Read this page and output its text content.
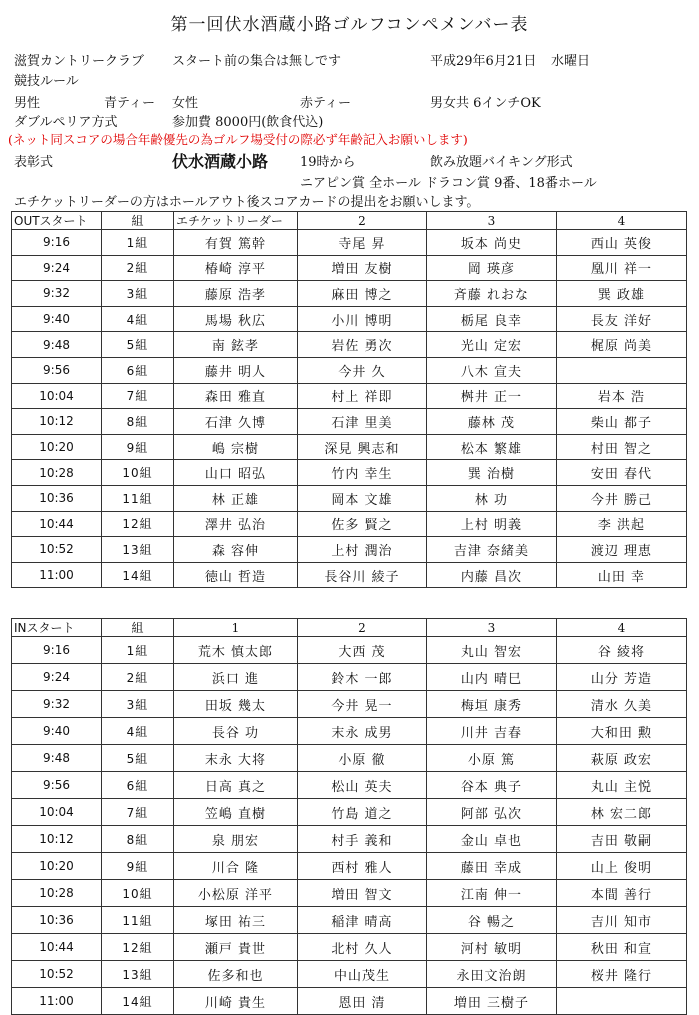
第一回伏水酒蔵小路ゴルフコンペメンバー表
滋賀カントリークラブ スタート前の集合は無しです	平成29年6月21日 水曜日
競技ルール
男性	青ティー 女性	赤ティー	男女共 6インチOK
ダブルペリア方式	参加費 8000円(飲食代込)
(ネット同スコアの場合年齢優先の為ゴルフ場受付の際必ず年齢記入お願いします)
表彰式	伏水酒蔵小路 19時から	飲み放題バイキング形式
ニアピン賞 全ホール ドラコン賞 9番、18番ホール
エチケットリーダーの方はホールアウト後スコアカードの提出をお願いします。
OUTスタート	組	エチケットリーダー	2	3	4
9:16	1組	有賀 篤幹	寺尾 昇	坂本 尚史	西山 英俊
9:24	2組	椿崎 淳平	増田 友樹	岡 瑛彦	凰川 祥一
9:32	3組	藤原 浩孝	麻田 博之	斉藤 れおな	巽 政雄
9:40	4組	馬場 秋広	小川 博明	栃尾 良幸	長友 洋好
9:48	5組	南 鉉孝	岩佐 勇次	光山 定宏	梶原 尚美
9:56	6組	藤井 明人	今井 久	八木 宣夫	
10:04	7組	森田 雅直	村上 祥即	桝井 正一	岩本 浩
10:12	8組	石津 久博	石津 里美	藤林 茂	柴山 都子
10:20	9組	嶋 宗樹	深見 興志和	松本 繁雄	村田 智之
10:28	10組	山口 昭弘	竹内 幸生	巽 治樹	安田 春代
10:36	11組	林 正雄	岡本 文雄	林 功	今井 勝己
10:44	12組	澤井 弘治	佐多 賢之	上村 明義	李 洪起
10:52	13組	森 容伸	上村 潤治	吉津 奈緒美	渡辺 理恵
11:00	14組	徳山 哲造	長谷川 綾子	内藤 昌次	山田 幸
INスタート	組	1	2	3	4
9:16	1組	荒木 慎太郎	大西 茂	丸山 智宏	谷 綾将
9:24	2組	浜口 進	鈴木 一郎	山内 晴巳	山分 芳造
9:32	3組	田坂 幾太	今井 晃一	梅垣 康秀	清水 久美
9:40	4組	長谷 功	末永 成男	川井 吉春	大和田 勲
9:48	5組	末永 大将	小原 徹	小原 篤	萩原 政宏
9:56	6組	日高 真之	松山 英夫	谷本 典子	丸山 主悦
10:04	7組	笠嶋 直樹	竹島 道之	阿部 弘次	林 宏二郎
10:12	8組	泉 朋宏	村手 義和	金山 卓也	吉田 敬嗣
10:20	9組	川合 隆	西村 雅人	藤田 幸成	山上 俊明
10:28	10組	小松原 洋平	増田 智文	江南 伸一	本間 善行
10:36	11組	塚田 祐三	稲津 晴高	谷 暢之	吉川 知市
10:44	12組	瀬戸 貴世	北村 久人	河村 敏明	秋田 和宣
10:52	13組	佐多和也	中山茂生	永田文治朗	桜井 隆行
11:00	14組	川崎 貴生	恩田 清	増田 三樹子	
